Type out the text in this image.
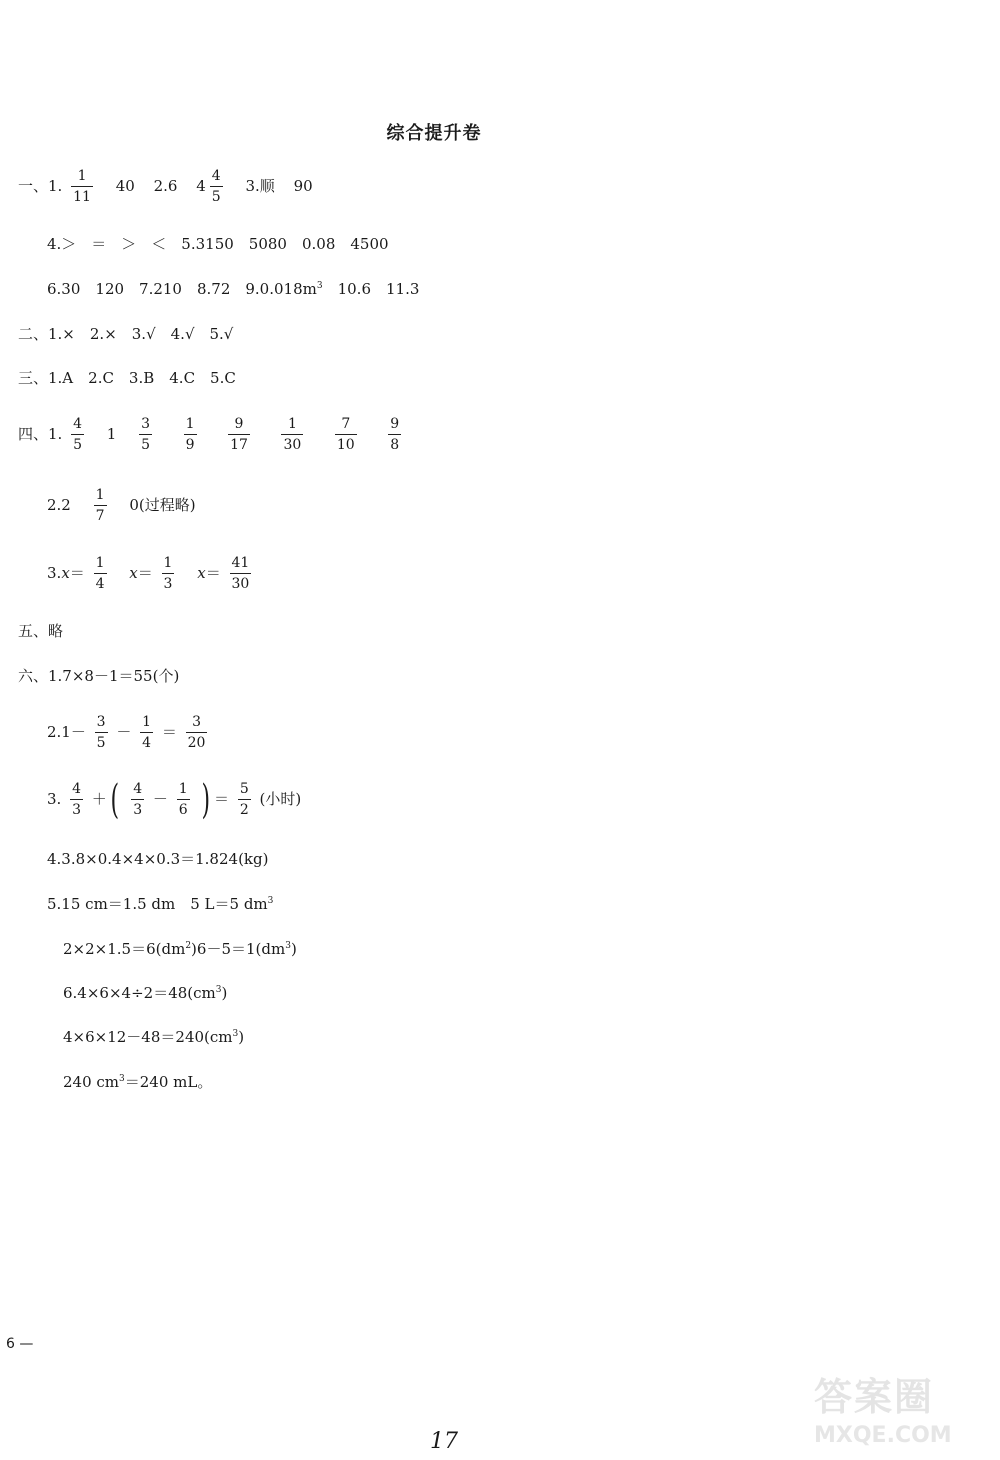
综合提升卷
一、1. $\frac{1}{11} 40$ 2.6 $4 \frac{4}{5} 3$.顺 90
4.＞　＝　＞　＜　5.3150　5080　0.08　4500
6.30　120　7.210　8.72　$9.0.018m^3$　10.6　11.3
二、1.×　2.×　3.√　4.√　5.√
三、1.A　2.C　3.B　4.C　5.C
四、1. $\frac{4}{5} 1 \frac{3}{5}$
$\frac{1}{9}$
$\frac{9}{17}$
$\frac{1}{30}$
$\frac{7}{10}$
$\frac{9}{8}$
$2.2 \frac{1}{7} 0$(过程略)
$3.x= \frac{1}{4} x= \frac{1}{3} x= \frac{41}{30}$
五、略
六、1.7×8－1＝55(个)
$2.1- \frac{3}{5} - \frac{1}{4} = \frac{3}{20}$
3. $\frac{4}{3}$ ＋( $\frac{4}{3} - \frac{1}{6}$ ) ＝ $\frac{5}{2}$ (小时)
4.3.8×0.4×4×0.3＝1.824(kg)
5.15 cm＝1.5 dm　5 L＝5 $dm^3$
$2\times 2\times 1.5=6(dm^2)6-5=1(dm^3)$
$6.4\times 6\times 4\div 2=48(cm^3)$
$4\times 6\times 12-48=240(cm^3)$
240 $cm^3=240$ mL。
6 —
17
答案圈
MXQE.COM
